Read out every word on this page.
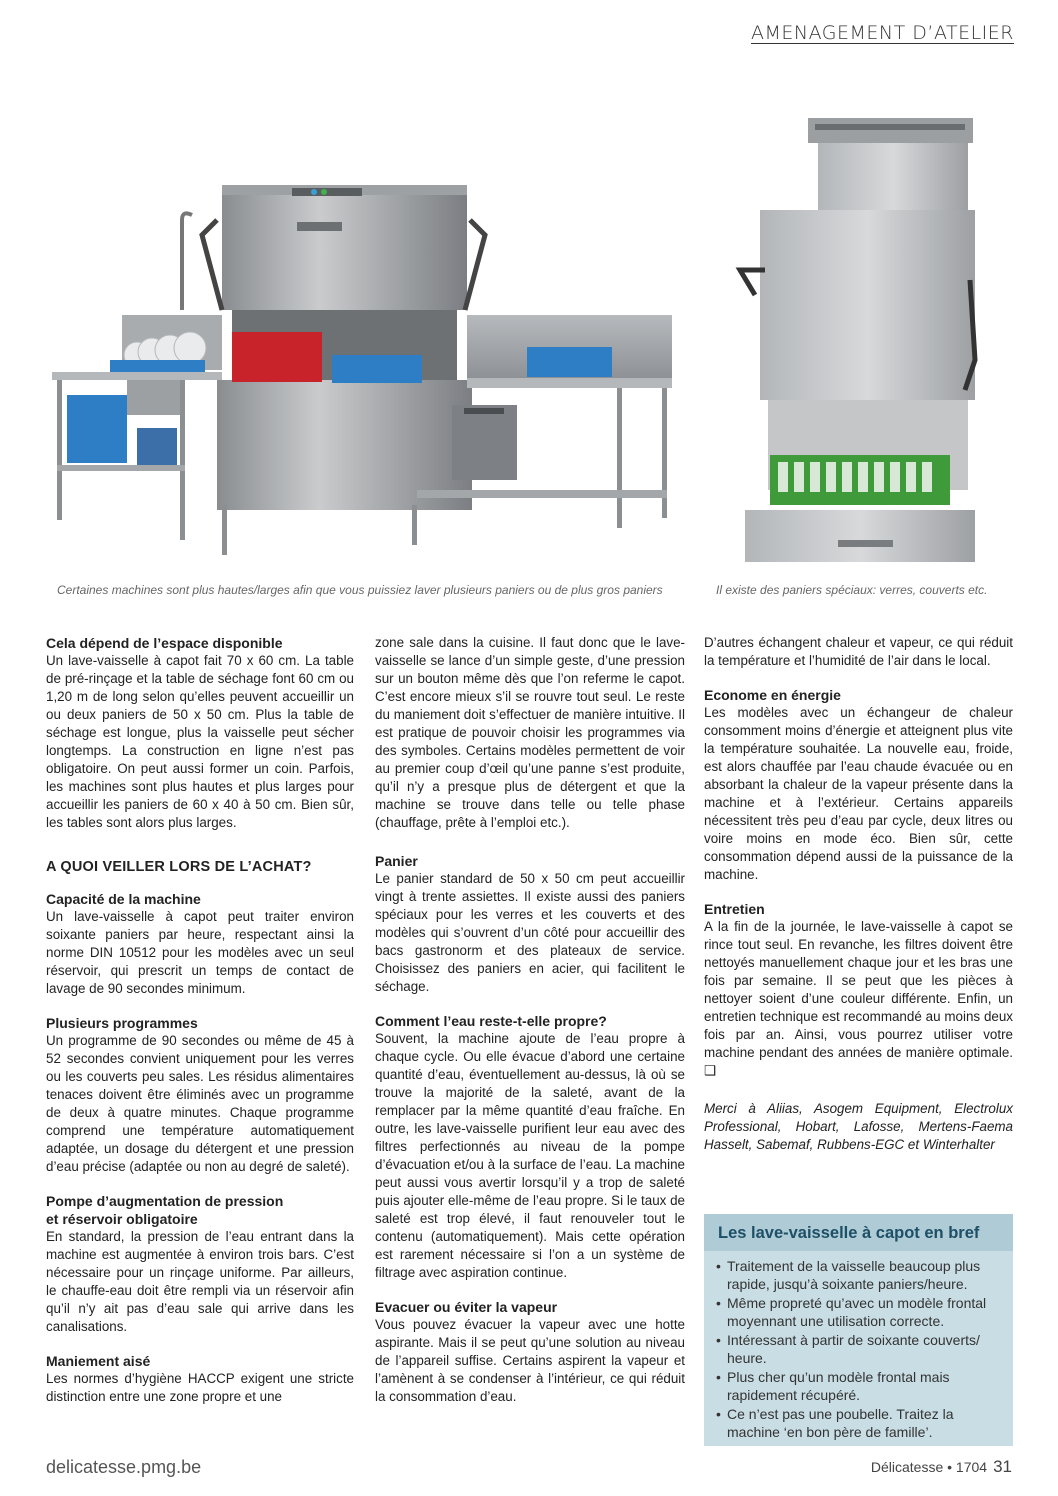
AMENAGEMENT D’ATELIER
Certaines machines sont plus hautes/larges afin que vous puissiez laver plusieurs paniers ou de plus gros paniers	Il existe des paniers spéciaux: verres, couverts etc.
Cela dépend de l’espace disponible

Un lave-vaisselle à capot fait 70 x 60 cm. La table de pré-rinçage et la table de séchage font 60 cm ou 1,20 m de long selon qu’elles peuvent accueillir un ou deux paniers de 50 x 50 cm. Plus la table de séchage est longue, plus la vaisselle peut sécher longtemps. La construction en ligne n’est pas obligatoire. On peut aussi former un coin. Parfois, les machines sont plus hautes et plus larges pour accueillir les paniers de 60 x 40 à 50 cm. Bien sûr, les tables sont alors plus larges.

A QUOI VEILLER LORS DE L’ACHAT?
Capacité de la machine

Un lave-vaisselle à capot peut traiter environ soixante paniers par heure, respectant ainsi la norme DIN 10512 pour les modèles avec un seul réservoir, qui prescrit un temps de contact de lavage de 90 secondes minimum.

Plusieurs programmes

Un programme de 90 secondes ou même de 45 à 52 secondes convient uniquement pour les verres ou les couverts peu sales. Les résidus alimentaires tenaces doivent être éliminés avec un programme de deux à quatre minutes. Chaque programme comprend une température automatiquement adaptée, un dosage du détergent et une pression d’eau précise (adaptée ou non au degré de saleté).

Pompe d’augmentation de pression
et réservoir obligatoire

En standard, la pression de l’eau entrant dans la machine est augmentée à environ trois bars. C’est nécessaire pour un rinçage uniforme. Par ailleurs, le chauffe-eau doit être rempli via un réservoir afin qu’il n’y ait pas d’eau sale qui arrive dans les canalisations.

Maniement aisé

Les normes d’hygiène HACCP exigent une stricte distinction entre une zone propre et une

zone sale dans la cuisine. Il faut donc que le lave-vaisselle se lance d’un simple geste, d’une pression sur un bouton même dès que l’on referme le capot. C’est encore mieux s’il se rouvre tout seul. Le reste du maniement doit s’effectuer de manière intuitive. Il est pratique de pouvoir choisir les programmes via des symboles. Certains modèles permettent de voir au premier coup d’œil qu’une panne s’est produite, qu’il n’y a presque plus de détergent et que la machine se trouve dans telle ou telle phase (chauffage, prête à l’emploi etc.).

Panier

Le panier standard de 50 x 50 cm peut accueillir vingt à trente assiettes. Il existe aussi des paniers spéciaux pour les verres et les couverts et des modèles qui s’ouvrent d’un côté pour accueillir des bacs gastronorm et des plateaux de service. Choisissez des paniers en acier, qui facilitent le séchage.

Comment l’eau reste-t-elle propre?

Souvent, la machine ajoute de l’eau propre à chaque cycle. Ou elle évacue d’abord une certaine quantité d’eau, éventuellement au-dessus, là où se trouve la majorité de la saleté, avant de la remplacer par la même quantité d’eau fraîche. En outre, les lave-vaisselle purifient leur eau avec des filtres perfectionnés au niveau de la pompe d’évacuation et/ou à la surface de l’eau. La machine peut aussi vous avertir lorsqu’il y a trop de saleté puis ajouter elle-même de l’eau propre. Si le taux de saleté est trop élevé, il faut renouveler tout le contenu (automatiquement). Mais cette opération est rarement nécessaire si l’on a un système de filtrage avec aspiration continue.

Evacuer ou éviter la vapeur

Vous pouvez évacuer la vapeur avec une hotte aspirante. Mais il se peut qu’une solution au niveau de l’appareil suffise. Certains aspirent la vapeur et l’amènent à se condenser à l’intérieur, ce qui réduit la consommation d’eau.

D’autres échangent chaleur et vapeur, ce qui réduit la température et l’humidité de l’air dans le local.

Econome en énergie

Les modèles avec un échangeur de chaleur consomment moins d’énergie et atteignent plus vite la température souhaitée. La nouvelle eau, froide, est alors chauffée par l’eau chaude évacuée ou en absorbant la chaleur de la vapeur présente dans la machine et à l’extérieur. Certains appareils nécessitent très peu d’eau par cycle, deux litres ou voire moins en mode éco. Bien sûr, cette consommation dépend aussi de la puissance de la machine.

Entretien

A la fin de la journée, le lave-vaisselle à capot se rince tout seul. En revanche, les filtres doivent être nettoyés manuellement chaque jour et les bras une fois par semaine. Il se peut que les pièces à nettoyer soient d’une couleur différente. Enfin, un entretien technique est recommandé au moins deux fois par an. Ainsi, vous pourrez utiliser votre machine pendant des années de manière optimale. ❑

Merci à Aliias, Asogem Equipment, Electrolux Professional, Hobart, Lafosse, Mertens-Faema Hasselt, Sabemaf, Rubbens-EGC et Winterhalter

Les lave-vaisselle à capot en bref
• Traitement de la vaisselle beaucoup plus rapide, jusqu’à soixante paniers/heure.
• Même propreté qu’avec un modèle frontal moyennant une utilisation correcte.
• Intéressant à partir de soixante couverts/ heure.
• Plus cher qu’un modèle frontal mais rapidement récupéré.
• Ce n’est pas une poubelle. Traitez la machine ‘en bon père de famille’.
delicatesse.pmg.be	Délicatesse • 1704 31
